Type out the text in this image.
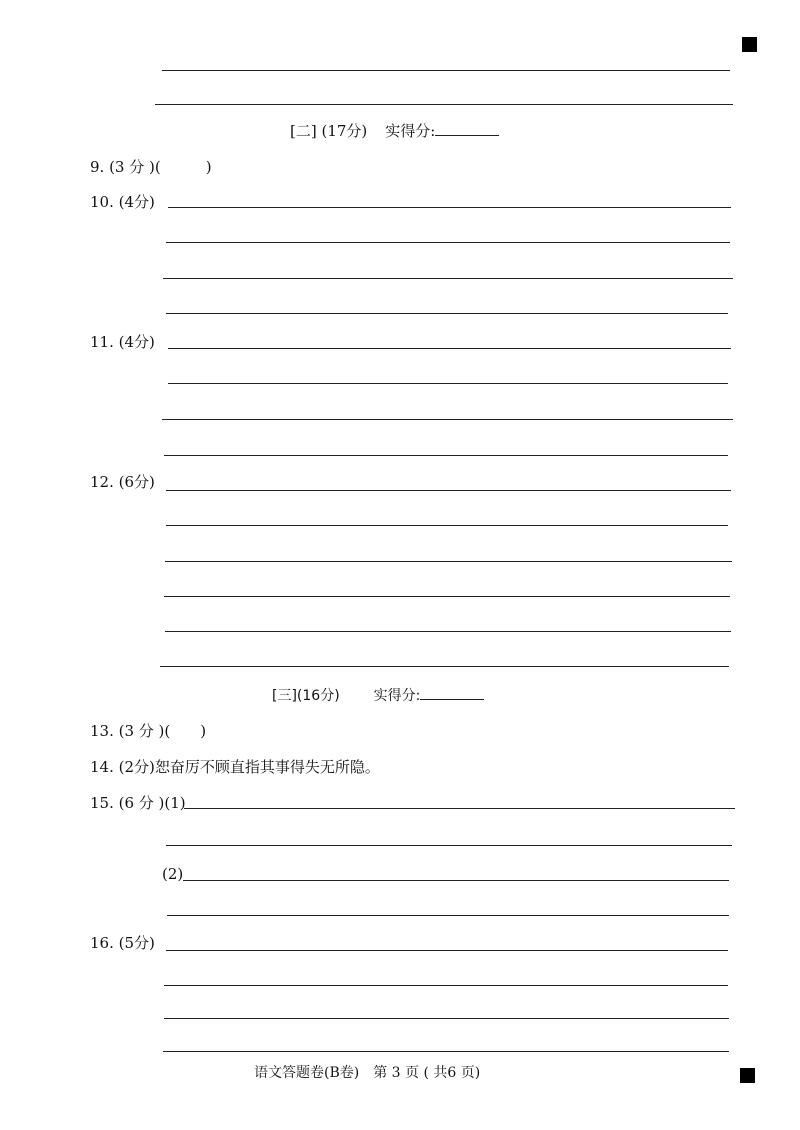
[二] (17分) 实得分:
9. (3 分 )(　　　)
10. (4分)
11. (4分)
12. (6分)
[三](16分) 实得分:
13. (3 分 )(　　)
14. (2分)恕奋厉不顾直指其事得失无所隐。
15. (6 分 )(1)
(2)
16. (5分)
语文答题卷(B卷)　第 3 页 ( 共6 页)
